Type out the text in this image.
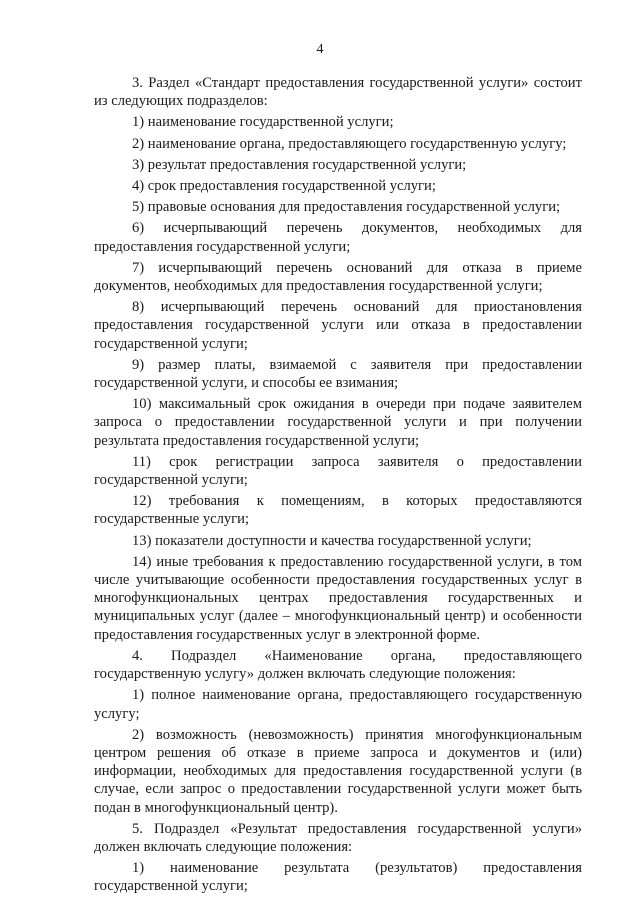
4

3. Раздел «Стандарт предоставления государственной услуги» состоит из следующих подразделов:

1) наименование государственной услуги;

2) наименование органа, предоставляющего государственную услугу;

3) результат предоставления государственной услуги;

4) срок предоставления государственной услуги;

5) правовые основания для предоставления государственной услуги;

6) исчерпывающий перечень документов, необходимых для предоставления государственной услуги;

7) исчерпывающий перечень оснований для отказа в приеме документов, необходимых для предоставления государственной услуги;

8) исчерпывающий перечень оснований для приостановления предоставления государственной услуги или отказа в предоставлении государственной услуги;

9) размер платы, взимаемой с заявителя при предоставлении государственной услуги, и способы ее взимания;

10) максимальный срок ожидания в очереди при подаче заявителем запроса о предоставлении государственной услуги и при получении результата предоставления государственной услуги;

11) срок регистрации запроса заявителя о предоставлении государственной услуги;

12) требования к помещениям, в которых предоставляются государственные услуги;

13) показатели доступности и качества государственной услуги;

14) иные требования к предоставлению государственной услуги, в том числе учитывающие особенности предоставления государственных услуг в многофункциональных центрах предоставления государственных и муниципальных услуг (далее – многофункциональный центр) и особенности предоставления государственных услуг в электронной форме.

4. Подраздел «Наименование органа, предоставляющего государственную услугу» должен включать следующие положения:

1) полное наименование органа, предоставляющего государственную услугу;

2) возможность (невозможность) принятия многофункциональным центром решения об отказе в приеме запроса и документов и (или) информации, необходимых для предоставления государственной услуги (в случае, если запрос о предоставлении государственной услуги может быть подан в многофункциональный центр).

5. Подраздел «Результат предоставления государственной услуги» должен включать следующие положения:

1) наименование результата (результатов) предоставления государственной услуги;
